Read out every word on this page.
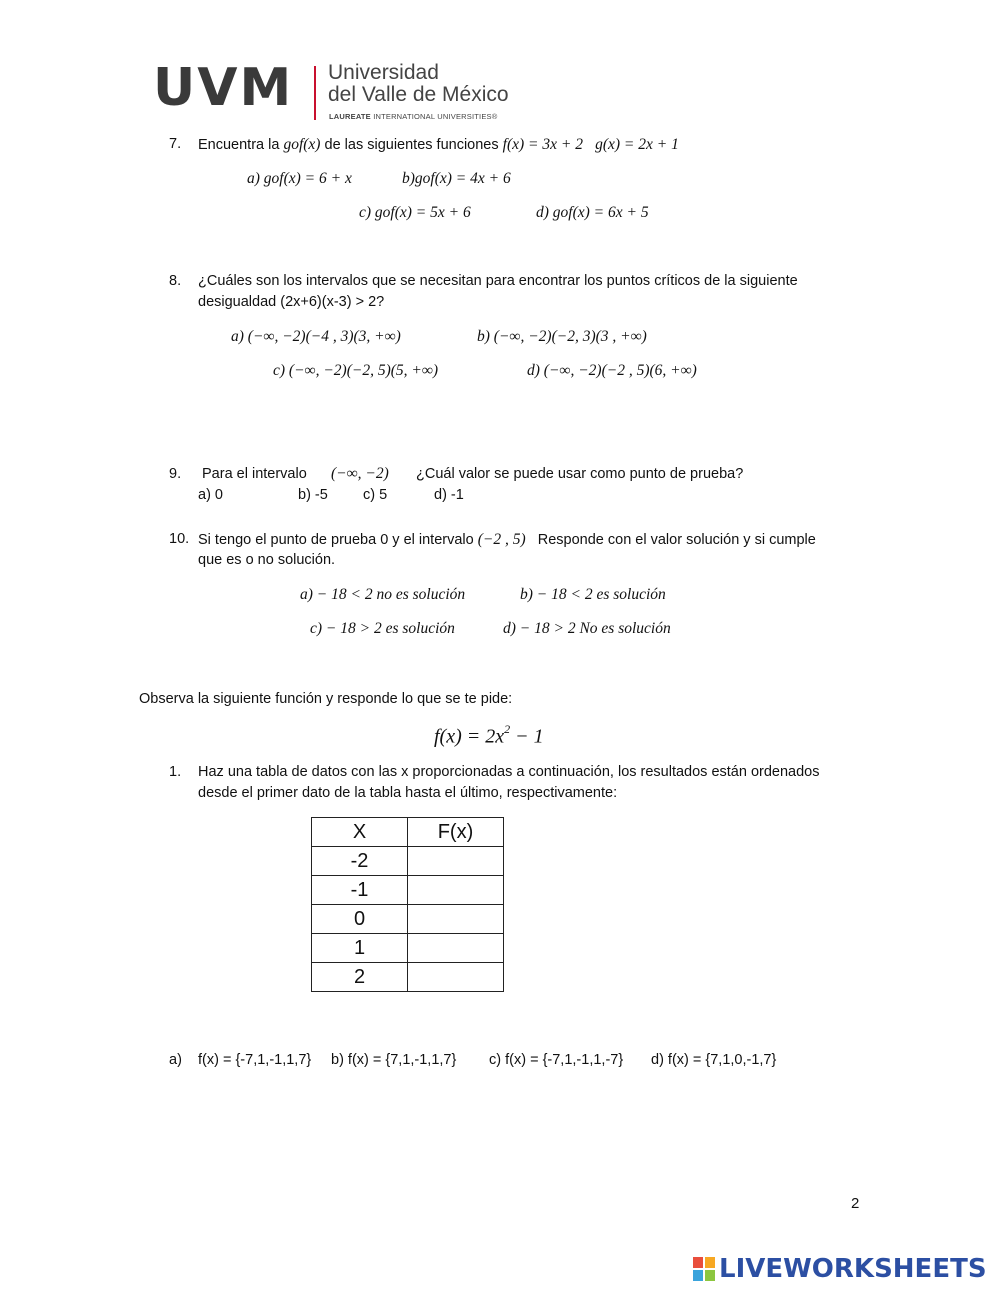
UVM Universidad
del Valle de México
LAUREATE INTERNATIONAL UNIVERSITIES®
7. Encuentra la gof(x) de las siguientes funciones f(x) = 3x + 2 g(x) = 2x + 1
a) gof(x) = 6 + x	b)gof(x) = 4x + 6
c) gof(x) = 5x + 6	d) gof(x) = 6x + 5
8. ¿Cuáles son los intervalos que se necesitan para encontrar los puntos críticos de la siguiente
desigualdad (2x+6)(x-3) > 2?
a) (−∞, −2)(−4 , 3)(3, +∞)	b) (−∞, −2)(−2, 3)(3 , +∞)
c) (−∞, −2)(−2, 5)(5, +∞)	d) (−∞, −2)(−2 , 5)(6, +∞)
9. Para el intervalo (−∞, −2) ¿Cuál valor se puede usar como punto de prueba?
a) 0	b) -5 c) 5	d) -1
10. Si tengo el punto de prueba 0 y el intervalo (−2 , 5) Responde con el valor solución y si cumple
que es o no solución.
a) − 18 < 2 no es solución	b) − 18 < 2 es solución
c) − 18 > 2 es solución	d) − 18 > 2 No es solución
Observa la siguiente función y responde lo que se te pide:
$f(x) = 2x^2 - 1$
1. Haz una tabla de datos con las x proporcionadas a continuación, los resultados están ordenados
desde el primer dato de la tabla hasta el último, respectivamente:
X	F(x)
-2	
-1	
0	
1	
2	
a) f(x) = {-7,1,-1,1,7} b) f(x) = {7,1,-1,1,7} c) f(x) = {-7,1,-1,1,-7} d) f(x) = {7,1,0,-1,7}
2
LIVEWORKSHEETS
